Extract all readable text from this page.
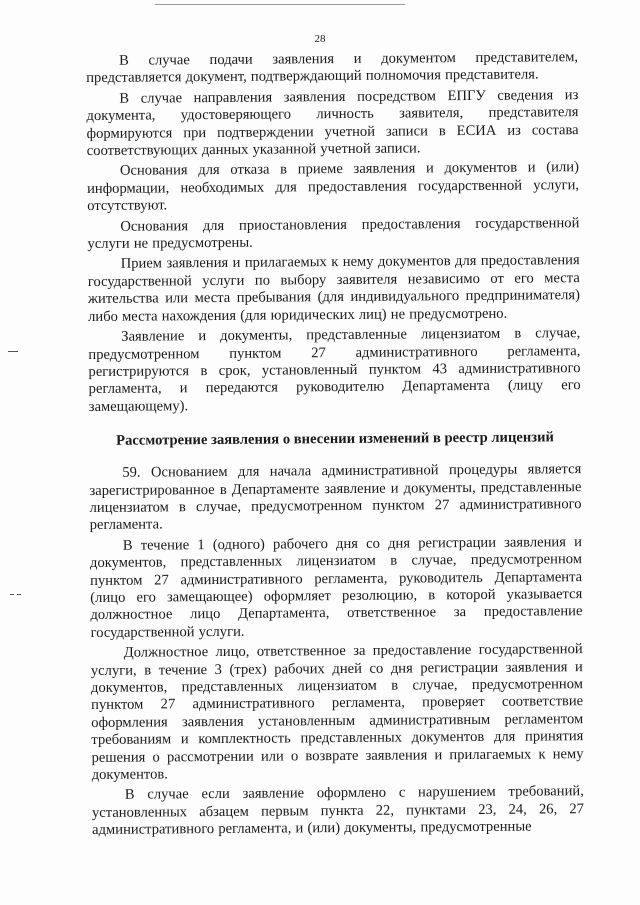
28

В случае подачи заявления и документом представителем, представляется документ, подтверждающий полномочия представителя.

В случае направления заявления посредством ЕПГУ сведения из документа, удостоверяющего личность заявителя, представителя формируются при подтверждении учетной записи в ЕСИА из состава соответствующих данных указанной учетной записи.

Основания для отказа в приеме заявления и документов и (или) информации, необходимых для предоставления государственной услуги, отсутствуют.

Основания для приостановления предоставления государственной услуги не предусмотрены.

Прием заявления и прилагаемых к нему документов для предоставления государственной услуги по выбору заявителя независимо от его места жительства или места пребывания (для индивидуального предпринимателя) либо места нахождения (для юридических лиц) не предусмотрено.

Заявление и документы, представленные лицензиатом в случае, предусмотренном пунктом 27 административного регламента, регистрируются в срок, установленный пунктом 43 административного регламента, и передаются руководителю Департамента (лицу его замещающему).

Рассмотрение заявления о внесении изменений в реестр лицензий

59. Основанием для начала административной процедуры является зарегистрированное в Департаменте заявление и документы, представленные лицензиатом в случае, предусмотренном пунктом 27 административного регламента.

В течение 1 (одного) рабочего дня со дня регистрации заявления и документов, представленных лицензиатом в случае, предусмотренном пунктом 27 административного регламента, руководитель Департамента (лицо его замещающее) оформляет резолюцию, в которой указывается должностное лицо Департамента, ответственное за предоставление государственной услуги.

Должностное лицо, ответственное за предоставление государственной услуги, в течение 3 (трех) рабочих дней со дня регистрации заявления и документов, представленных лицензиатом в случае, предусмотренном пунктом 27 административного регламента, проверяет соответствие оформления заявления установленным административным регламентом требованиям и комплектность представленных документов для принятия решения о рассмотрении или о возврате заявления и прилагаемых к нему документов.

В случае если заявление оформлено с нарушением требований, установленных абзацем первым пункта 22, пунктами 23, 24, 26, 27 административного регламента, и (или) документы, предусмотренные
